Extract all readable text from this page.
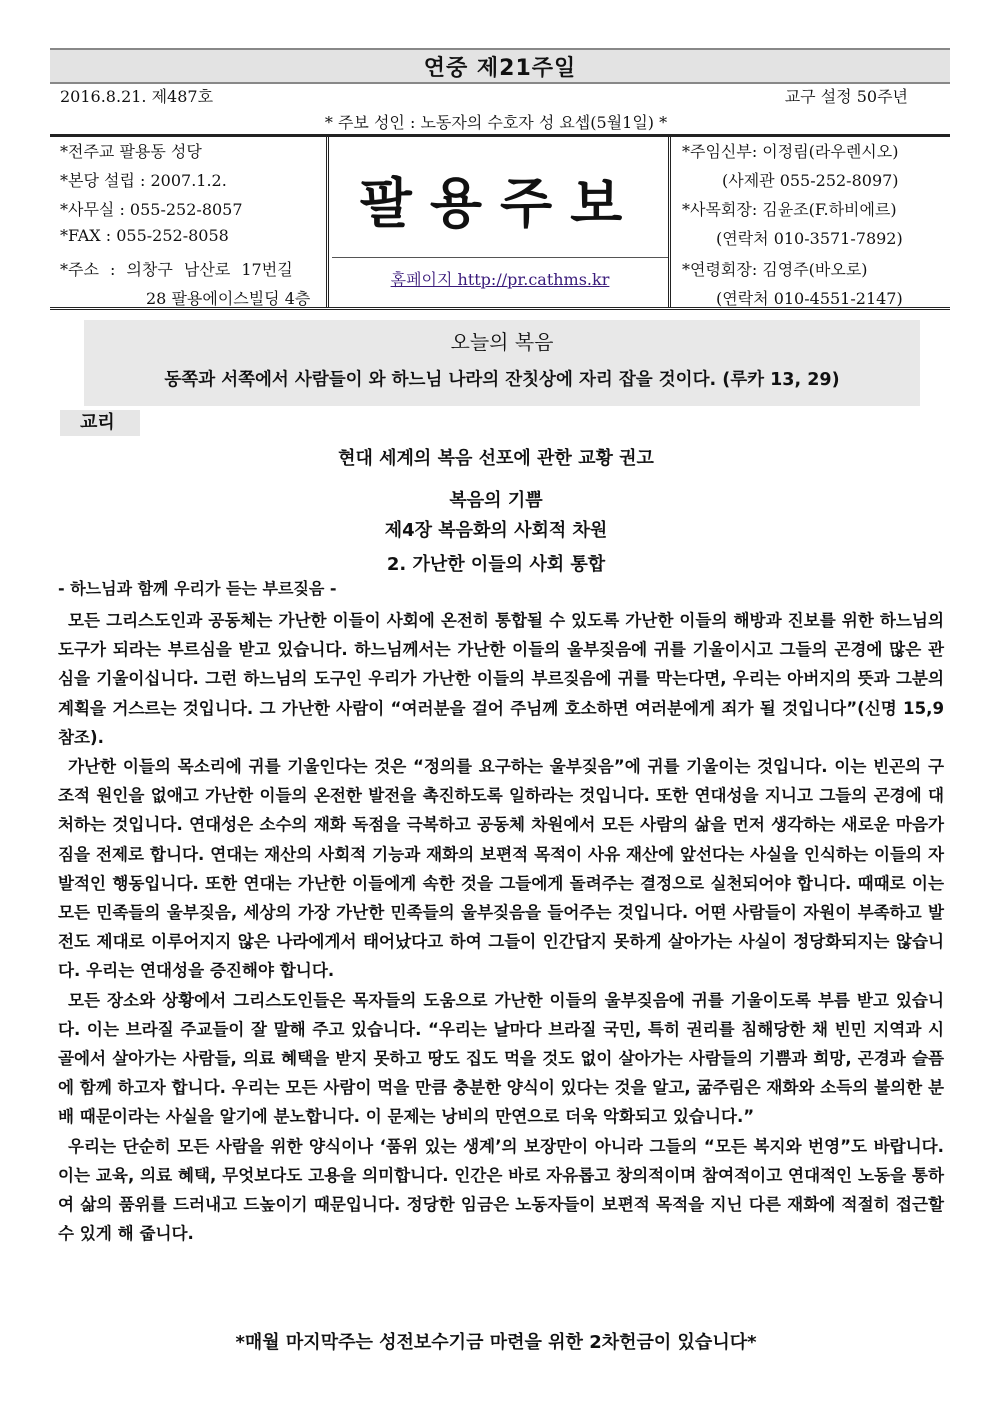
연중 제21주일
2016.8.21. 제487호	교구 설정 50주년
* 주보 성인 : 노동자의 수호자 성 요셉(5월1일) *
*전주교 팔용동 성당
*본당 설립 : 2007.1.2.
*사무실 : 055-252-8057
*FAX : 055-252-8058
*주소 : 의창구 남산로 17번길
28 팔용에이스빌딩 4층
팔용주보
홈페이지 http://pr.cathms.kr
*주임신부: 이정림(라우렌시오)
(사제관 055-252-8097)
*사목회장: 김윤조(F.하비에르)
(연락처 010-3571-7892)
*연령회장: 김영주(바오로)
(연락처 010-4551-2147)
오늘의 복음
동쪽과 서쪽에서 사람들이 와 하느님 나라의 잔칫상에 자리 잡을 것이다. (루카 13, 29)
교리
현대 세계의 복음 선포에 관한 교황 권고
복음의 기쁨
제4장 복음화의 사회적 차원
2. 가난한 이들의 사회 통합
- 하느님과 함께 우리가 듣는 부르짖음 -

모든 그리스도인과 공동체는 가난한 이들이 사회에 온전히 통합될 수 있도록 가난한 이들의 해방과 진보를 위한 하느님의 도구가 되라는 부르심을 받고 있습니다. 하느님께서는 가난한 이들의 울부짖음에 귀를 기울이시고 그들의 곤경에 많은 관심을 기울이십니다. 그런 하느님의 도구인 우리가 가난한 이들의 부르짖음에 귀를 막는다면, 우리는 아버지의 뜻과 그분의 계획을 거스르는 것입니다. 그 가난한 사람이 “여러분을 걸어 주님께 호소하면 여러분에게 죄가 될 것입니다”(신명 15,9 참조).

가난한 이들의 목소리에 귀를 기울인다는 것은 “정의를 요구하는 울부짖음”에 귀를 기울이는 것입니다. 이는 빈곤의 구조적 원인을 없애고 가난한 이들의 온전한 발전을 촉진하도록 일하라는 것입니다. 또한 연대성을 지니고 그들의 곤경에 대처하는 것입니다. 연대성은 소수의 재화 독점을 극복하고 공동체 차원에서 모든 사람의 삶을 먼저 생각하는 새로운 마음가짐을 전제로 합니다. 연대는 재산의 사회적 기능과 재화의 보편적 목적이 사유 재산에 앞선다는 사실을 인식하는 이들의 자발적인 행동입니다. 또한 연대는 가난한 이들에게 속한 것을 그들에게 돌려주는 결정으로 실천되어야 합니다. 때때로 이는 모든 민족들의 울부짖음, 세상의 가장 가난한 민족들의 울부짖음을 들어주는 것입니다. 어떤 사람들이 자원이 부족하고 발전도 제대로 이루어지지 않은 나라에게서 태어났다고 하여 그들이 인간답지 못하게 살아가는 사실이 정당화되지는 않습니다. 우리는 연대성을 증진해야 합니다.

모든 장소와 상황에서 그리스도인들은 목자들의 도움으로 가난한 이들의 울부짖음에 귀를 기울이도록 부름 받고 있습니다. 이는 브라질 주교들이 잘 말해 주고 있습니다. “우리는 날마다 브라질 국민, 특히 권리를 침해당한 채 빈민 지역과 시골에서 살아가는 사람들, 의료 혜택을 받지 못하고 땅도 집도 먹을 것도 없이 살아가는 사람들의 기쁨과 희망, 곤경과 슬픔에 함께 하고자 합니다. 우리는 모든 사람이 먹을 만큼 충분한 양식이 있다는 것을 알고, 굶주림은 재화와 소득의 불의한 분배 때문이라는 사실을 알기에 분노합니다. 이 문제는 낭비의 만연으로 더욱 악화되고 있습니다.”

우리는 단순히 모든 사람을 위한 양식이나 ‘품위 있는 생계’의 보장만이 아니라 그들의 “모든 복지와 번영”도 바랍니다. 이는 교육, 의료 혜택, 무엇보다도 고용을 의미합니다. 인간은 바로 자유롭고 창의적이며 참여적이고 연대적인 노동을 통하여 삶의 품위를 드러내고 드높이기 때문입니다. 정당한 임금은 노동자들이 보편적 목적을 지닌 다른 재화에 적절히 접근할 수 있게 해 줍니다.

*매월 마지막주는 성전보수기금 마련을 위한 2차헌금이 있습니다*
